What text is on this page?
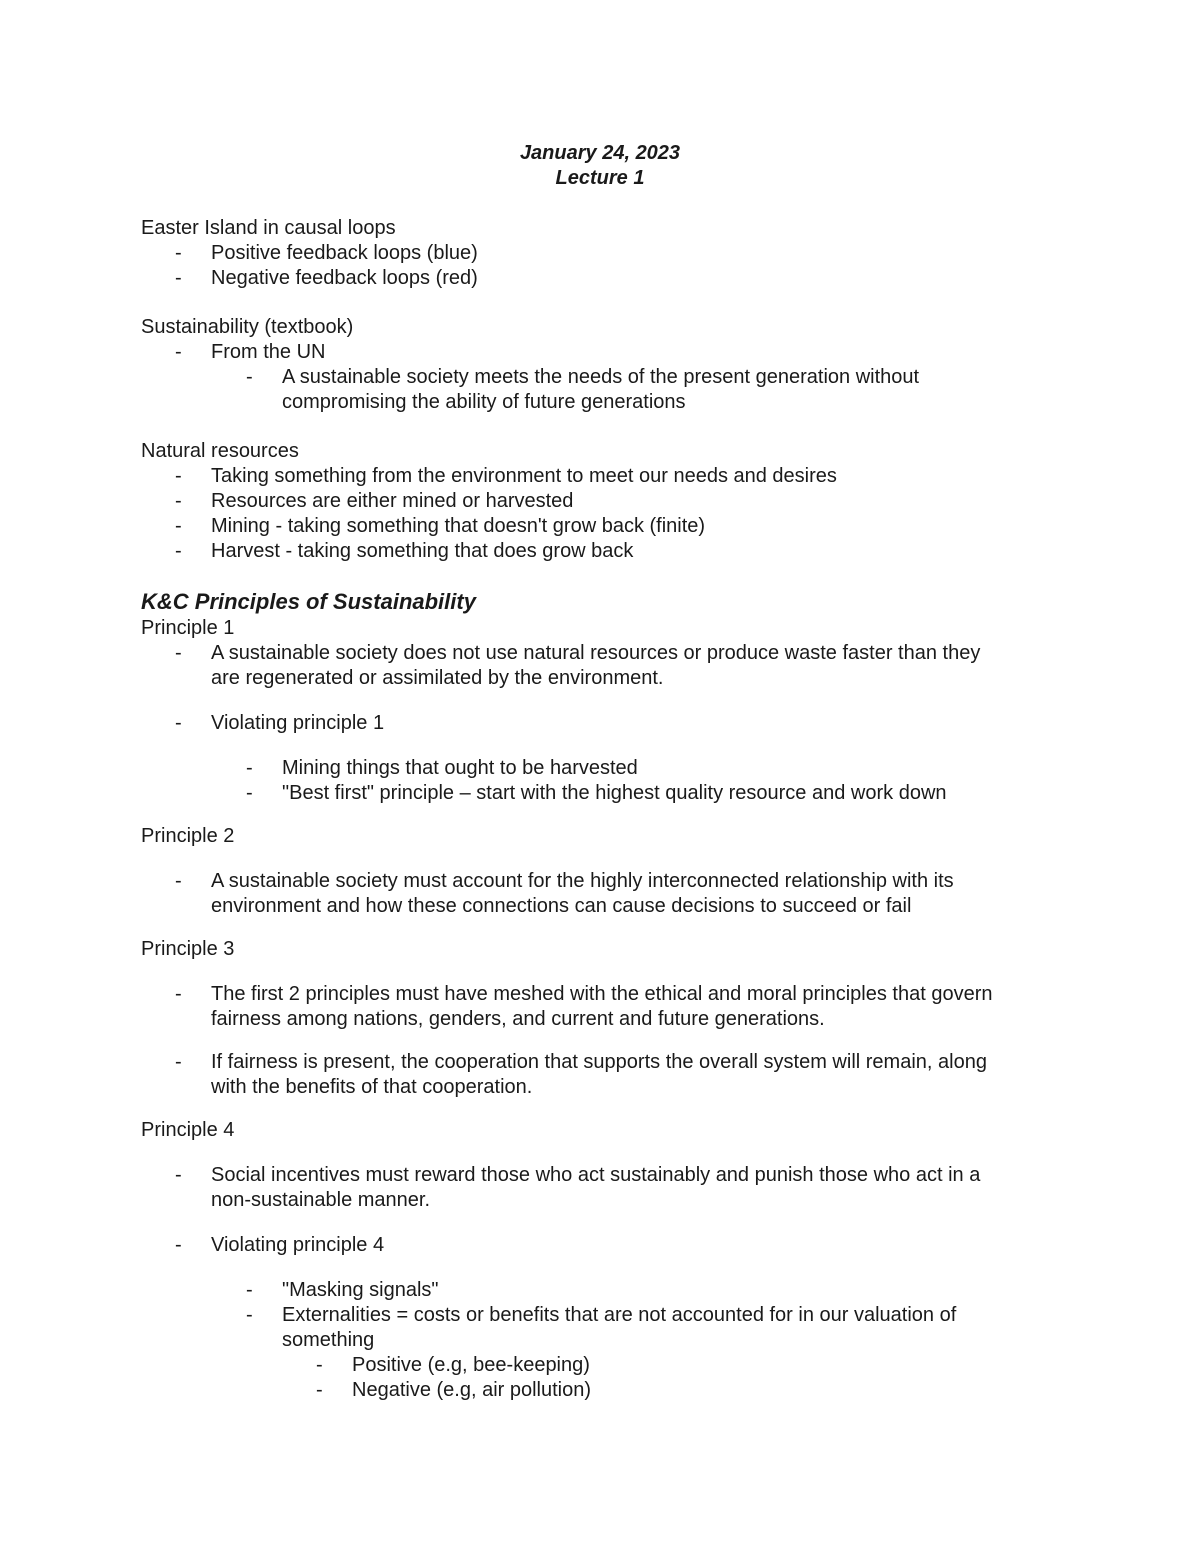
January 24, 2023
Lecture 1
Easter Island in causal loops
- Positive feedback loops (blue)
- Negative feedback loops (red)
Sustainability (textbook)
- From the UN
- A sustainable society meets the needs of the present generation without
compromising the ability of future generations
Natural resources
- Taking something from the environment to meet our needs and desires
- Resources are either mined or harvested
- Mining - taking something that doesn't grow back (finite)
- Harvest - taking something that does grow back
K&C Principles of Sustainability
Principle 1
- A sustainable society does not use natural resources or produce waste faster than they
are regenerated or assimilated by the environment.
- Violating principle 1
- Mining things that ought to be harvested
- "Best first" principle – start with the highest quality resource and work down
Principle 2
- A sustainable society must account for the highly interconnected relationship with its
environment and how these connections can cause decisions to succeed or fail
Principle 3
- The first 2 principles must have meshed with the ethical and moral principles that govern
fairness among nations, genders, and current and future generations.
- If fairness is present, the cooperation that supports the overall system will remain, along
with the benefits of that cooperation.
Principle 4
- Social incentives must reward those who act sustainably and punish those who act in a
non-sustainable manner.
- Violating principle 4
- "Masking signals"
- Externalities = costs or benefits that are not accounted for in our valuation of
something
- Positive (e.g, bee-keeping)
- Negative (e.g, air pollution)
